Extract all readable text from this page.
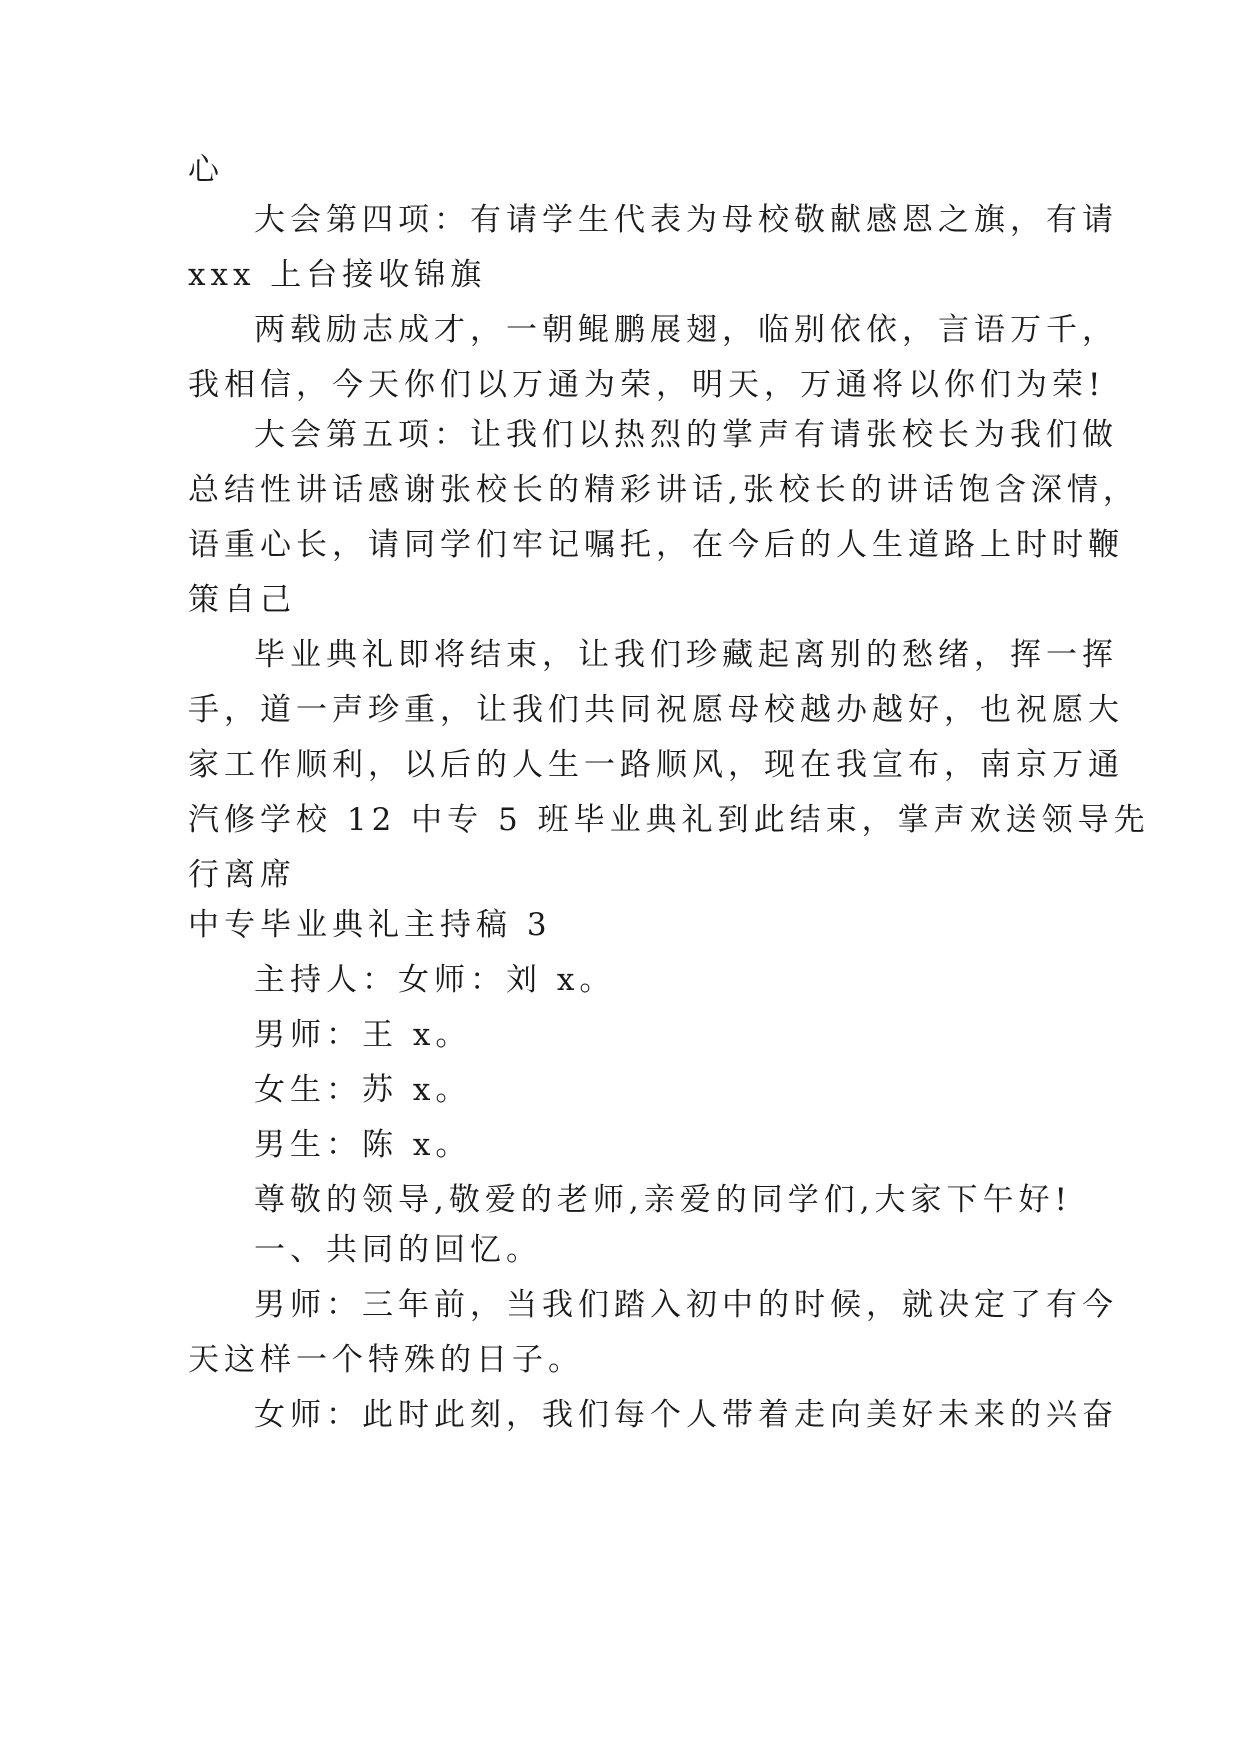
心
大会第四项：有请学生代表为母校敬献感恩之旗，有请
xxx 上台接收锦旗
两载励志成才，一朝鲲鹏展翅，临别依依，言语万千，
我相信，今天你们以万通为荣，明天，万通将以你们为荣!
大会第五项：让我们以热烈的掌声有请张校长为我们做
总结性讲话感谢张校长的精彩讲话,张校长的讲话饱含深情，
语重心长，请同学们牢记嘱托，在今后的人生道路上时时鞭
策自己
毕业典礼即将结束，让我们珍藏起离别的愁绪，挥一挥
手，道一声珍重，让我们共同祝愿母校越办越好，也祝愿大
家工作顺利，以后的人生一路顺风，现在我宣布，南京万通
汽修学校 12 中专 5 班毕业典礼到此结束，掌声欢送领导先
行离席
中专毕业典礼主持稿 3
主持人：女师：刘 x。
男师：王 x。
女生：苏 x。
男生：陈 x。
尊敬的领导,敬爱的老师,亲爱的同学们,大家下午好!
一、共同的回忆。
男师：三年前，当我们踏入初中的时候，就决定了有今
天这样一个特殊的日子。
女师：此时此刻，我们每个人带着走向美好未来的兴奋
